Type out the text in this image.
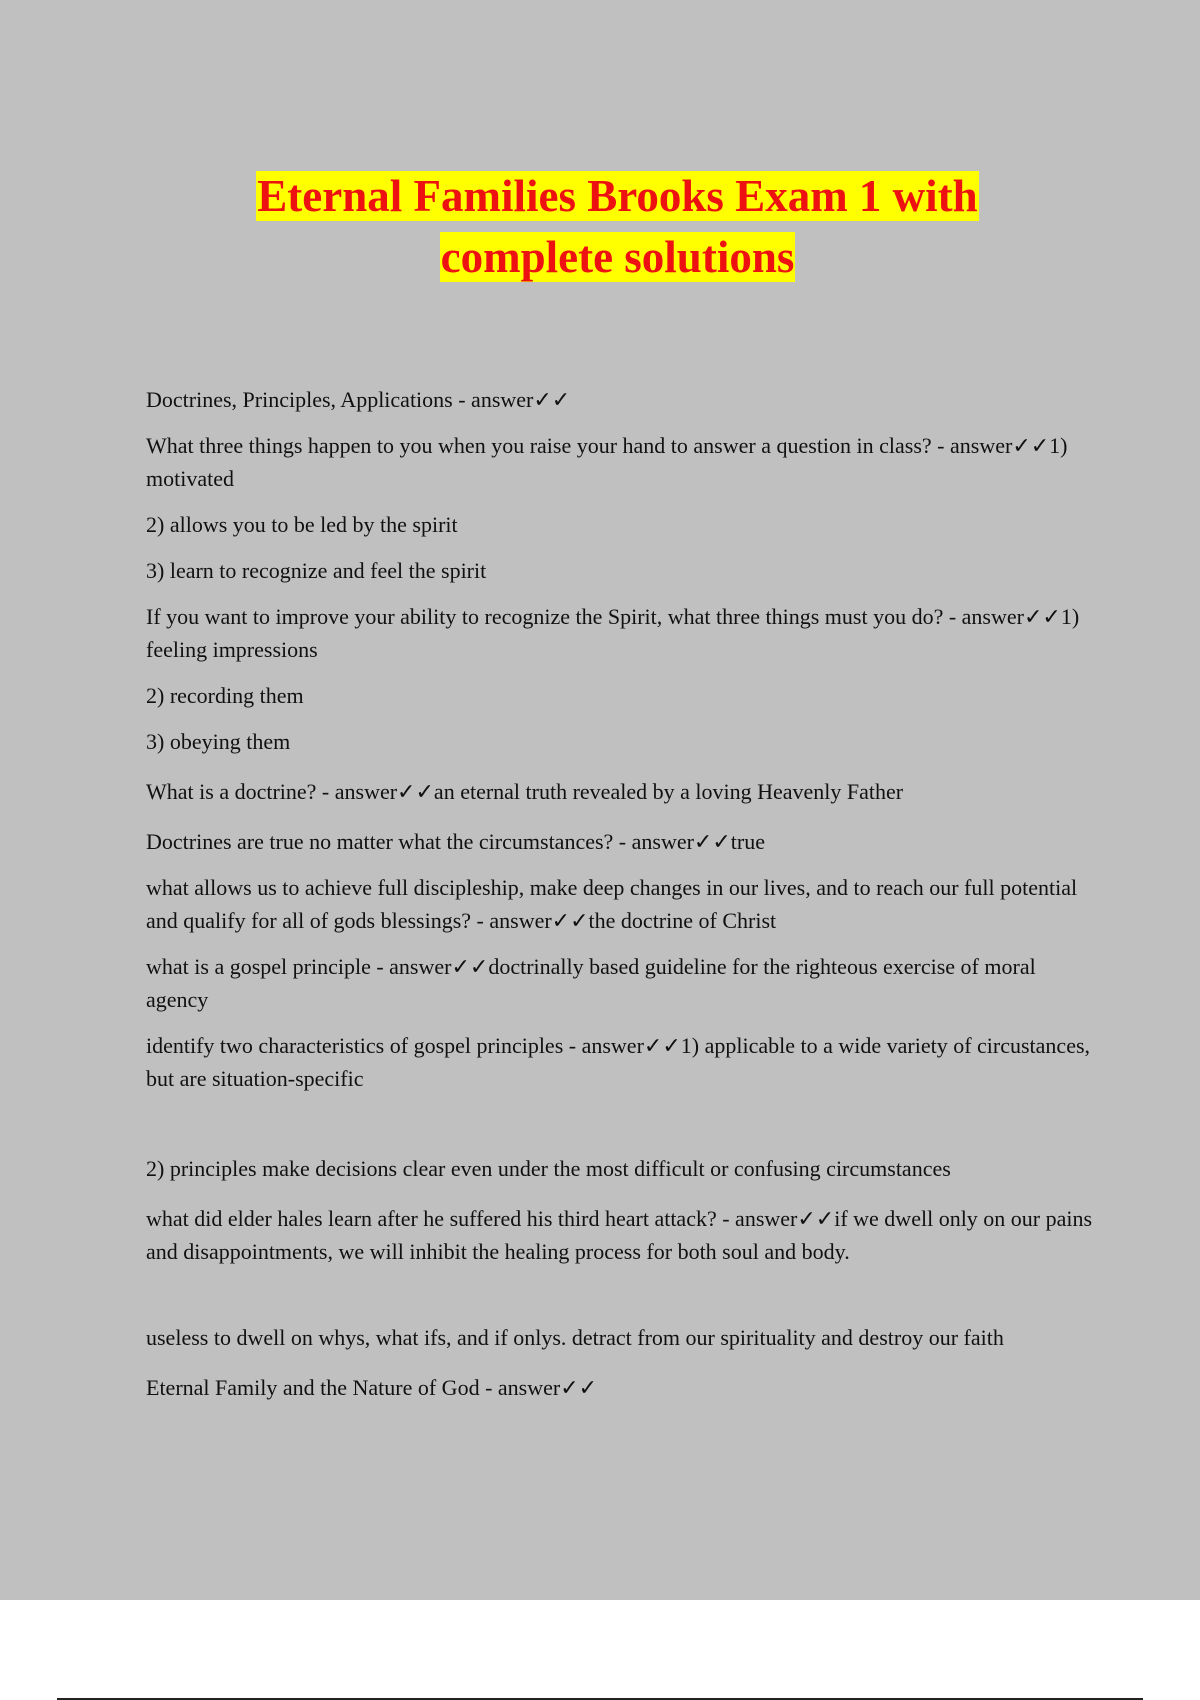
Eternal Families Brooks Exam 1 with
complete solutions

Doctrines, Principles, Applications - answer✓✓

What three things happen to you when you raise your hand to answer a question in class? - answer✓✓1) motivated

2) allows you to be led by the spirit

3) learn to recognize and feel the spirit

If you want to improve your ability to recognize the Spirit, what three things must you do? - answer✓✓1) feeling impressions

2) recording them

3) obeying them

What is a doctrine? - answer✓✓an eternal truth revealed by a loving Heavenly Father

Doctrines are true no matter what the circumstances? - answer✓✓true

what allows us to achieve full discipleship, make deep changes in our lives, and to reach our full potential and qualify for all of gods blessings? - answer✓✓the doctrine of Christ

what is a gospel principle - answer✓✓doctrinally based guideline for the righteous exercise of moral agency

identify two characteristics of gospel principles - answer✓✓1) applicable to a wide variety of circustances, but are situation-specific

2) principles make decisions clear even under the most difficult or confusing circumstances

what did elder hales learn after he suffered his third heart attack? - answer✓✓if we dwell only on our pains and disappointments, we will inhibit the healing process for both soul and body.

useless to dwell on whys, what ifs, and if onlys. detract from our spirituality and destroy our faith

Eternal Family and the Nature of God - answer✓✓
